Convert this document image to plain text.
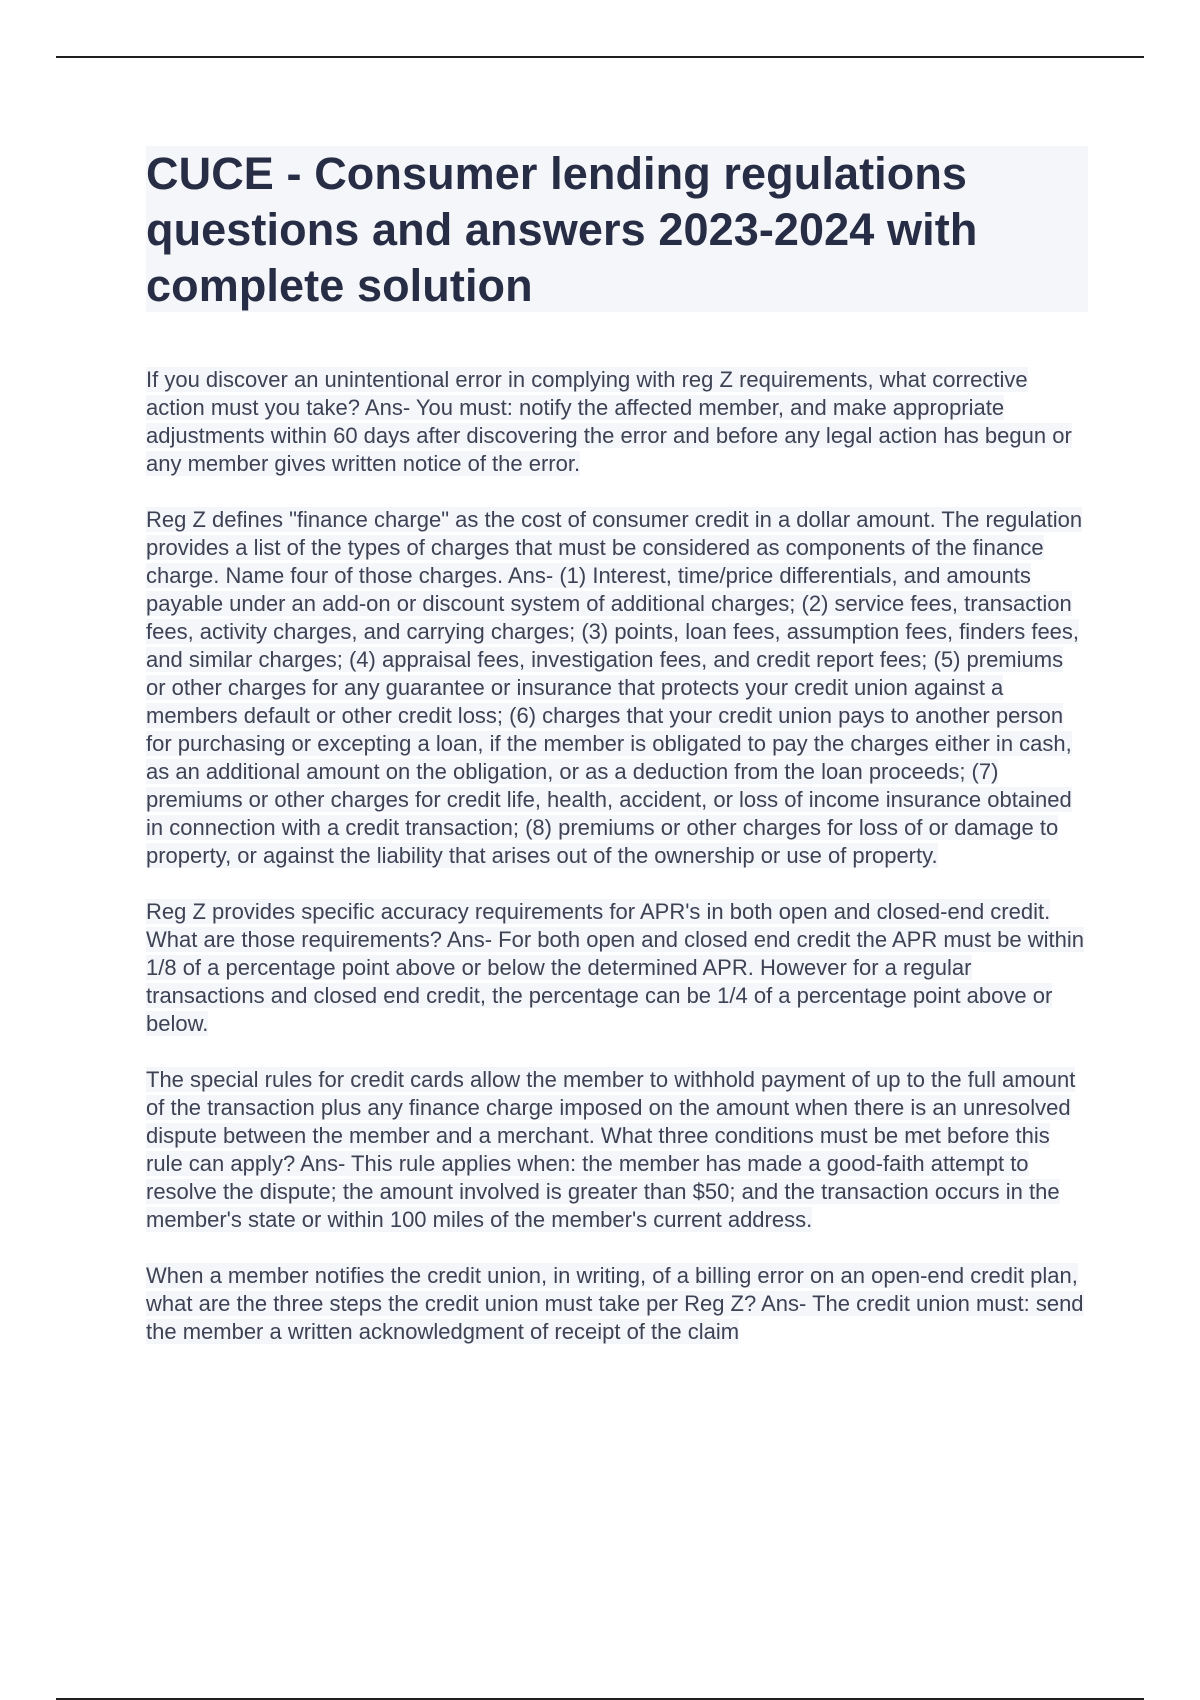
CUCE - Consumer lending regulations questions and answers 2023-2024 with complete solution

If you discover an unintentional error in complying with reg Z requirements, what corrective action must you take? Ans- You must: notify the affected member, and make appropriate adjustments within 60 days after discovering the error and before any legal action has begun or any member gives written notice of the error.

Reg Z defines "finance charge" as the cost of consumer credit in a dollar amount. The regulation provides a list of the types of charges that must be considered as components of the finance charge. Name four of those charges. Ans- (1) Interest, time/price differentials, and amounts payable under an add-on or discount system of additional charges; (2) service fees, transaction fees, activity charges, and carrying charges; (3) points, loan fees, assumption fees, finders fees, and similar charges; (4) appraisal fees, investigation fees, and credit report fees; (5) premiums or other charges for any guarantee or insurance that protects your credit union against a members default or other credit loss; (6) charges that your credit union pays to another person for purchasing or excepting a loan, if the member is obligated to pay the charges either in cash, as an additional amount on the obligation, or as a deduction from the loan proceeds; (7) premiums or other charges for credit life, health, accident, or loss of income insurance obtained in connection with a credit transaction; (8) premiums or other charges for loss of or damage to property, or against the liability that arises out of the ownership or use of property.

Reg Z provides specific accuracy requirements for APR's in both open and closed-end credit. What are those requirements? Ans- For both open and closed end credit the APR must be within 1/8 of a percentage point above or below the determined APR. However for a regular transactions and closed end credit, the percentage can be 1/4 of a percentage point above or below.

The special rules for credit cards allow the member to withhold payment of up to the full amount of the transaction plus any finance charge imposed on the amount when there is an unresolved dispute between the member and a merchant. What three conditions must be met before this rule can apply? Ans- This rule applies when: the member has made a good-faith attempt to resolve the dispute; the amount involved is greater than $50; and the transaction occurs in the member's state or within 100 miles of the member's current address.

When a member notifies the credit union, in writing, of a billing error on an open-end credit plan, what are the three steps the credit union must take per Reg Z? Ans- The credit union must: send the member a written acknowledgment of receipt of the claim
